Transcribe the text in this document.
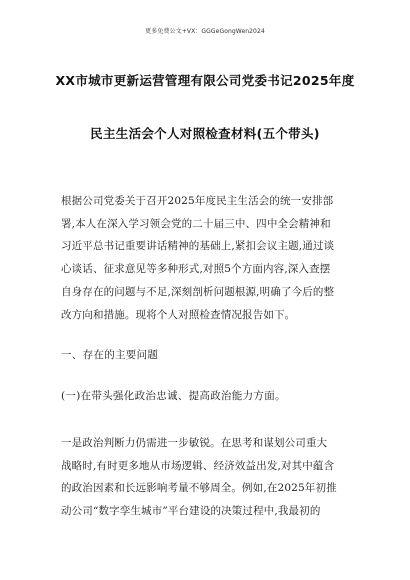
更多免费公文+VX：GGGeGongWen2024
XX市城市更新运营管理有限公司党委书记2025年度
民主生活会个人对照检查材料(五个带头)
根据公司党委关于召开2025年度民主生活会的统一安排部
署,本人在深入学习领会党的二十届三中、四中全会精神和
习近平总书记重要讲话精神的基础上,紧扣会议主题,通过谈
心谈话、征求意见等多种形式,对照5个方面内容,深入查摆
自身存在的问题与不足,深刻剖析问题根源,明确了今后的整
改方向和措施。现将个人对照检查情况报告如下。
一、存在的主要问题
(一)在带头强化政治忠诚、提高政治能力方面。
一是政治判断力仍需进一步敏锐。在思考和谋划公司重大
战略时,有时更多地从市场逻辑、经济效益出发,对其中蕴含
的政治因素和长远影响考量不够周全。例如,在2025年初推
动公司“数字孪生城市”平台建设的决策过程中,我最初的
